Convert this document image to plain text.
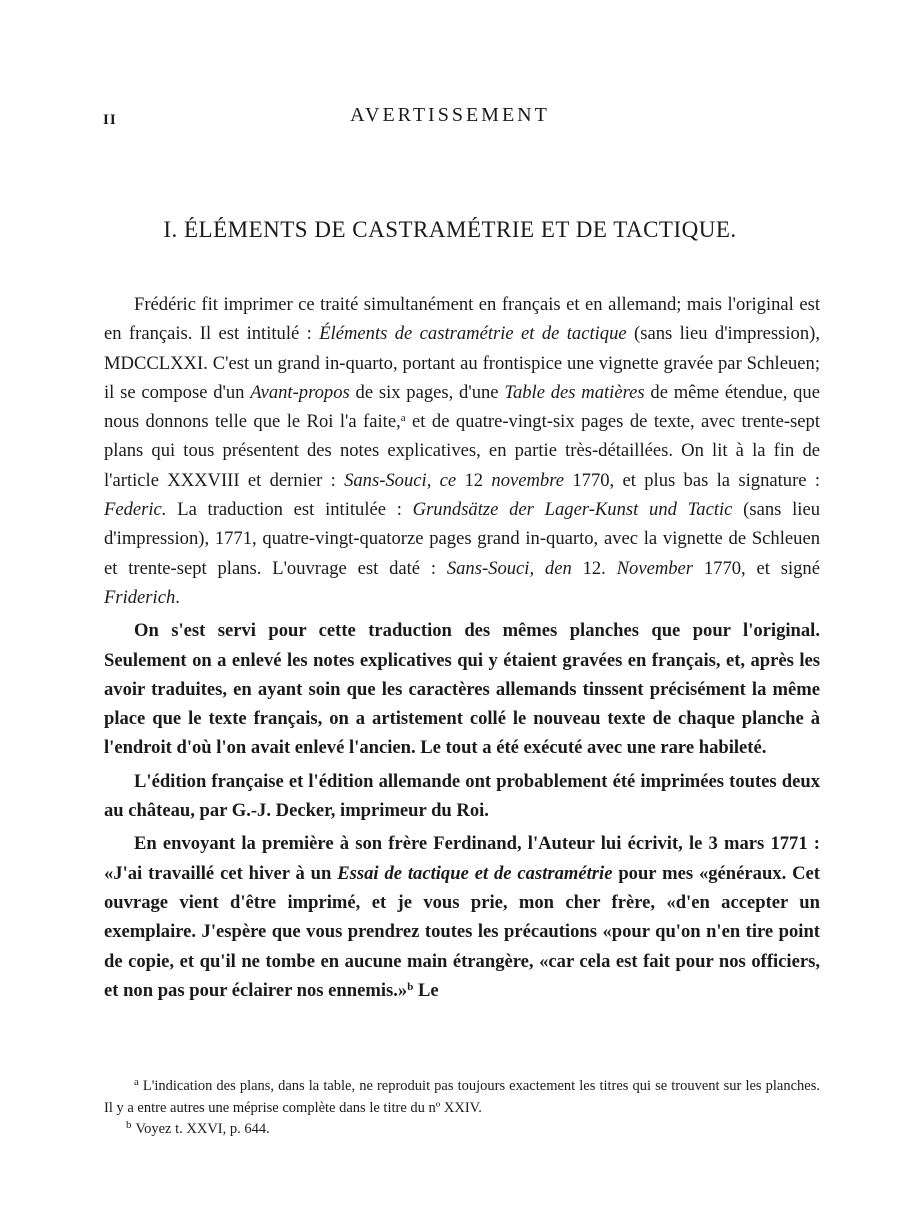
II	AVERTISSEMENT
I. ÉLÉMENTS DE CASTRAMÉTRIE ET DE TACTIQUE.

Frédéric fit imprimer ce traité simultanément en français et en allemand; mais l'original est en français. Il est intitulé : Éléments de castramétrie et de tactique (sans lieu d'impression), MDCCLXXI. C'est un grand in-quarto, portant au frontispice une vignette gravée par Schleuen; il se compose d'un Avant-propos de six pages, d'une Table des matières de même étendue, que nous donnons telle que le Roi l'a faite,$^a$ et de quatre-vingt-six pages de texte, avec trente-sept plans qui tous présentent des notes explicatives, en partie très-détaillées. On lit à la fin de l'article XXXVIII et dernier : Sans-Souci, ce 12 novembre 1770, et plus bas la signature : Federic. La traduction est intitulée : Grundsätze der Lager-Kunst und Tactic (sans lieu d'impression), 1771, quatre-vingt-quatorze pages grand in-quarto, avec la vignette de Schleuen et trente-sept plans. L'ouvrage est daté : Sans-Souci, den 12. November 1770, et signé Friderich.

On s'est servi pour cette traduction des mêmes planches que pour l'original. Seulement on a enlevé les notes explicatives qui y étaient gravées en français, et, après les avoir traduites, en ayant soin que les caractères allemands tinssent précisément la même place que le texte français, on a artistement collé le nouveau texte de chaque planche à l'endroit d'où l'on avait enlevé l'ancien. Le tout a été exécuté avec une rare habileté.

L'édition française et l'édition allemande ont probablement été imprimées toutes deux au château, par G.-J. Decker, imprimeur du Roi.

En envoyant la première à son frère Ferdinand, l'Auteur lui écrivit, le 3 mars 1771 : «J'ai travaillé cet hiver à un Essai de tactique et de castramétrie pour mes «généraux. Cet ouvrage vient d'être imprimé, et je vous prie, mon cher frère, «d'en accepter un exemplaire. J'espère que vous prendrez toutes les précautions «pour qu'on n'en tire point de copie, et qu'il ne tombe en aucune main étrangère, «car cela est fait pour nos officiers, et non pas pour éclairer nos ennemis.»$^b$ Le

$^a$ L'indication des plans, dans la table, ne reproduit pas toujours exactement les titres qui se trouvent sur les planches. Il y a entre autres une méprise complète dans le titre du nº XXIV.

$^b$ Voyez t. XXVI, p. 644.
